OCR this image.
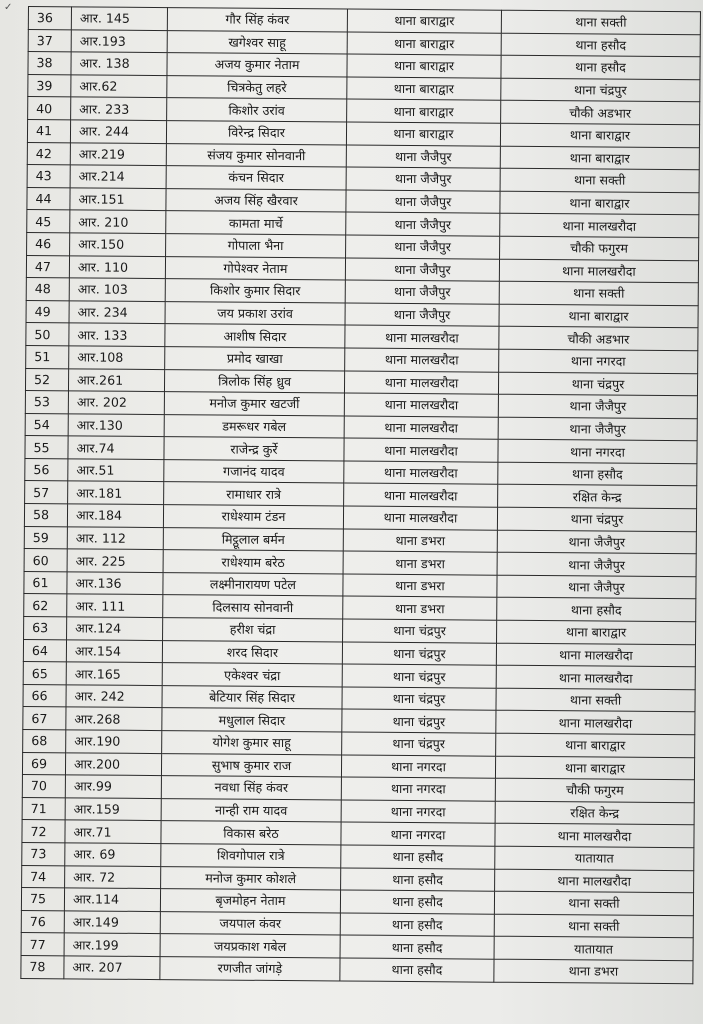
✓
36	आर. 145	गौर सिंह कंवर	थाना बाराद्वार	थाना सक्ती
37	आर.193	खगेश्वर साहू	थाना बाराद्वार	थाना हसौद
38	आर. 138	अजय कुमार नेताम	थाना बाराद्वार	थाना हसौद
39	आर.62	चित्रकेतु लहरे	थाना बाराद्वार	थाना चंद्रपुर
40	आर. 233	किशोर उरांव	थाना बाराद्वार	चौकी अडभार
41	आर. 244	विरेन्द्र सिदार	थाना बाराद्वार	थाना बाराद्वार
42	आर.219	संजय कुमार सोनवानी	थाना जैजैपुर	थाना बाराद्वार
43	आर.214	कंचन सिदार	थाना जैजैपुर	थाना सक्ती
44	आर.151	अजय सिंह खैरवार	थाना जैजैपुर	थाना बाराद्वार
45	आर. 210	कामता मार्चे	थाना जैजैपुर	थाना मालखरौदा
46	आर.150	गोपाला भैना	थाना जैजैपुर	चौकी फगुरम
47	आर. 110	गोपेश्वर नेताम	थाना जैजैपुर	थाना मालखरौदा
48	आर. 103	किशोर कुमार सिदार	थाना जैजैपुर	थाना सक्ती
49	आर. 234	जय प्रकाश उरांव	थाना जैजैपुर	थाना बाराद्वार
50	आर. 133	आशीष सिदार	थाना मालखरौदा	चौकी अडभार
51	आर.108	प्रमोद खाखा	थाना मालखरौदा	थाना नगरदा
52	आर.261	त्रिलोक सिंह ध्रुव	थाना मालखरौदा	थाना चंद्रपुर
53	आर. 202	मनोज कुमार खटर्जी	थाना मालखरौदा	थाना जैजैपुर
54	आर.130	डमरूधर गबेल	थाना मालखरौदा	थाना जैजैपुर
55	आर.74	राजेन्द्र कुर्रे	थाना मालखरौदा	थाना नगरदा
56	आर.51	गजानंद यादव	थाना मालखरौदा	थाना हसौद
57	आर.181	रामाधार रात्रे	थाना मालखरौदा	रक्षित केन्द्र
58	आर.184	राधेश्याम टंडन	थाना मालखरौदा	थाना चंद्रपुर
59	आर. 112	मिट्ठूलाल बर्मन	थाना डभरा	थाना जैजैपुर
60	आर. 225	राधेश्याम बरेठ	थाना डभरा	थाना जैजैपुर
61	आर.136	लक्ष्मीनारायण पटेल	थाना डभरा	थाना जैजैपुर
62	आर. 111	दिलसाय सोनवानी	थाना डभरा	थाना हसौद
63	आर.124	हरीश चंद्रा	थाना चंद्रपुर	थाना बाराद्वार
64	आर.154	शरद सिदार	थाना चंद्रपुर	थाना मालखरौदा
65	आर.165	एकेश्वर चंद्रा	थाना चंद्रपुर	थाना मालखरौदा
66	आर. 242	बेटियार सिंह सिदार	थाना चंद्रपुर	थाना सक्ती
67	आर.268	मधुलाल सिदार	थाना चंद्रपुर	थाना मालखरौदा
68	आर.190	योगेश कुमार साहू	थाना चंद्रपुर	थाना बाराद्वार
69	आर.200	सुभाष कुमार राज	थाना नगरदा	थाना बाराद्वार
70	आर.99	नवधा सिंह कंवर	थाना नगरदा	चौकी फगुरम
71	आर.159	नान्ही राम यादव	थाना नगरदा	रक्षित केन्द्र
72	आर.71	विकास बरेठ	थाना नगरदा	थाना मालखरौदा
73	आर. 69	शिवगोपाल रात्रे	थाना हसौद	यातायात
74	आर. 72	मनोज कुमार कोशले	थाना हसौद	थाना मालखरौदा
75	आर.114	बृजमोहन नेताम	थाना हसौद	थाना सक्ती
76	आर.149	जयपाल कंवर	थाना हसौद	थाना सक्ती
77	आर.199	जयप्रकाश गबेल	थाना हसौद	यातायात
78	आर. 207	रणजीत जांगड़े	थाना हसौद	थाना डभरा
